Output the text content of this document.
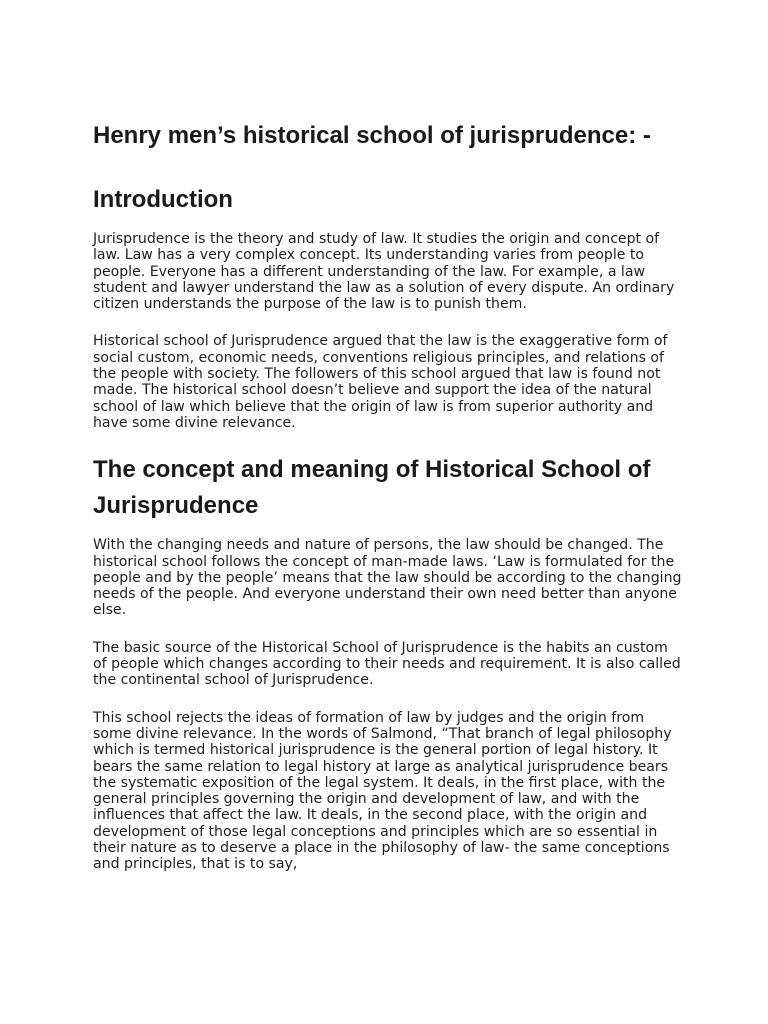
Henry men’s historical school of jurisprudence: -
Introduction

Jurisprudence is the theory and study of law. It studies the origin and concept of law. Law has a very complex concept. Its understanding varies from people to people. Everyone has a different understanding of the law. For example, a law student and lawyer understand the law as a solution of every dispute. An ordinary citizen understands the purpose of the law is to punish them.

Historical school of Jurisprudence argued that the law is the exaggerative form of social custom, economic needs, conventions religious principles, and relations of the people with society. The followers of this school argued that law is found not made. The historical school doesn’t believe and support the idea of the natural school of law which believe that the origin of law is from superior authority and have some divine relevance.

The concept and meaning of Historical School of Jurisprudence

With the changing needs and nature of persons, the law should be changed. The historical school follows the concept of man-made laws. ‘Law is formulated for the people and by the people’ means that the law should be according to the changing needs of the people. And everyone understand their own need better than anyone else.

The basic source of the Historical School of Jurisprudence is the habits an custom of people which changes according to their needs and requirement. It is also called the continental school of Jurisprudence.

This school rejects the ideas of formation of law by judges and the origin from some divine relevance. In the words of Salmond, “That branch of legal philosophy which is termed historical jurisprudence is the general portion of legal history. It bears the same relation to legal history at large as analytical jurisprudence bears the systematic exposition of the legal system. It deals, in the first place, with the general principles governing the origin and development of law, and with the influences that affect the law. It deals, in the second place, with the origin and development of those legal conceptions and principles which are so essential in their nature as to deserve a place in the philosophy of law- the same conceptions and principles, that is to say,
